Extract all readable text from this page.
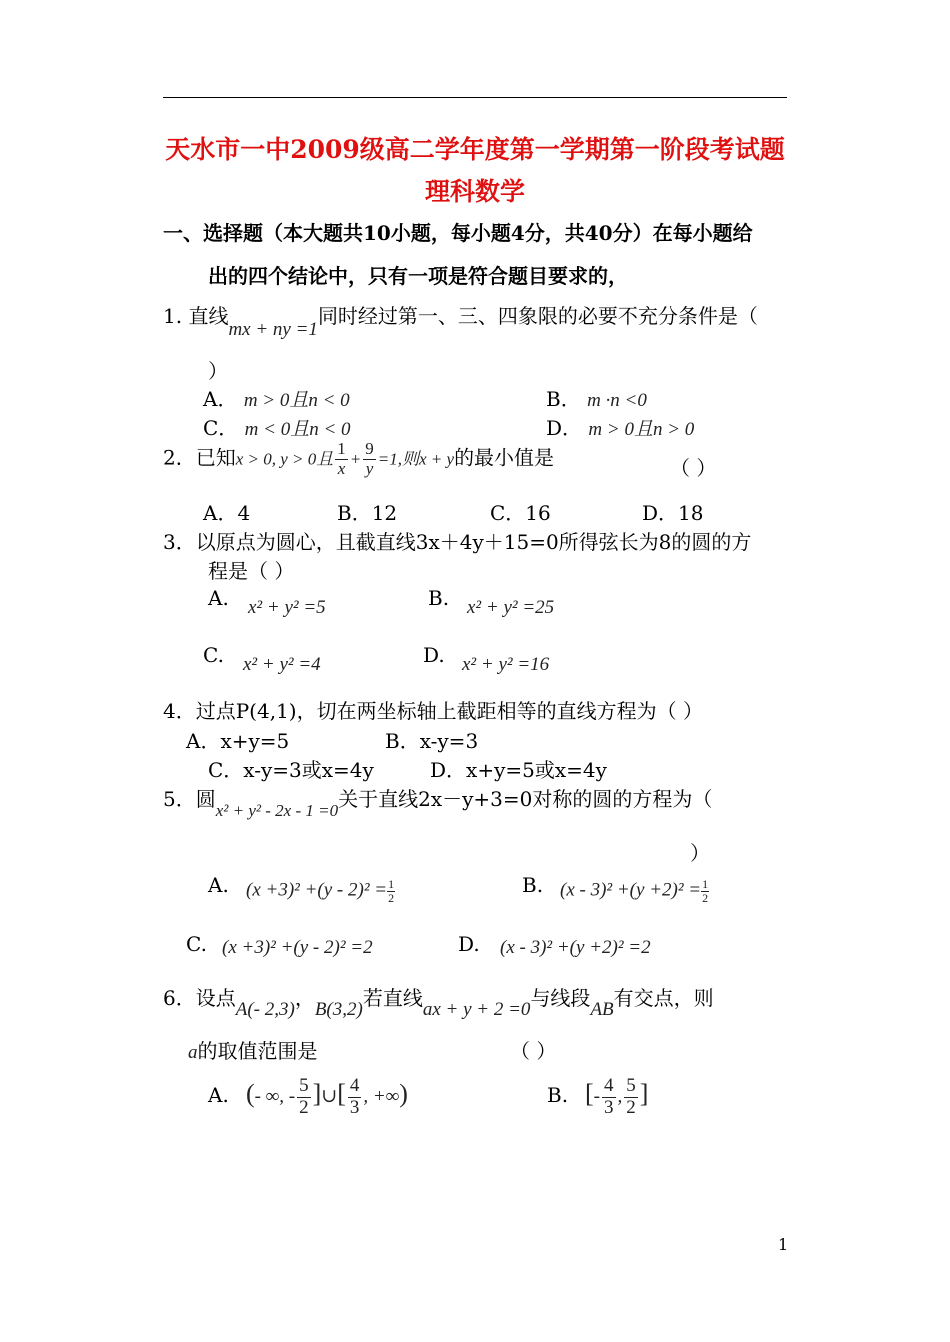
天水市一中2009级高二学年度第一学期第一阶段考试题
理科数学
一、选择题（本大题共10小题，每小题4分，共40分）在每小题给
出的四个结论中，只有一项是符合题目要求的，
1. 直线mx + ny =1同时经过第一、三、四象限的必要不充分条件是（
）
A． m > 0且n < 0	B． m ·n <0
C． m < 0且n < 0	D． m > 0且n > 0
2．已知x > 0, y > 0且 $\frac{1}{x} + \frac{9}{y} =1$,则x + y的最小值是	（ ）
A．4	B．12	C．16	D．18
3．以原点为圆心，且截直线3x＋4y＋15=0所得弦长为8的圆的方
程是（ ）
A. x² + y² =5	B. x² + y² =25
C. x² + y² =4	D. x² + y² =16
4．过点P(4,1)，切在两坐标轴上截距相等的直线方程为（ ）
A．x+y=5	B．x-y=3
C．x-y=3或x=4y	D．x+y=5或x=4y
5．圆$_{x^2 + y^2 - 2x - 1 =0}$关于直线2x－y+3=0对称的圆的方程为（
）
A. $(x +3)^2 +(y - 2)^2 = \frac{1}{2}$	B. $(x - 3)^2 +(y +2)^2 = \frac{1}{2}$
C. (x +3)² +(y - 2)² =2	D. (x - 3)² +(y +2)² =2
6．设点A(- 2,3)，B(3,2)若直线ax + y + 2 =0与线段AB有交点，则
a的取值范围是	（ ）
A. (- ∞, - $\frac{5}{2}$ ]∪[ $\frac{4}{3}$ , +∞)	B. [- $\frac{4}{3}$ , $\frac{5}{2}$ ]
1
